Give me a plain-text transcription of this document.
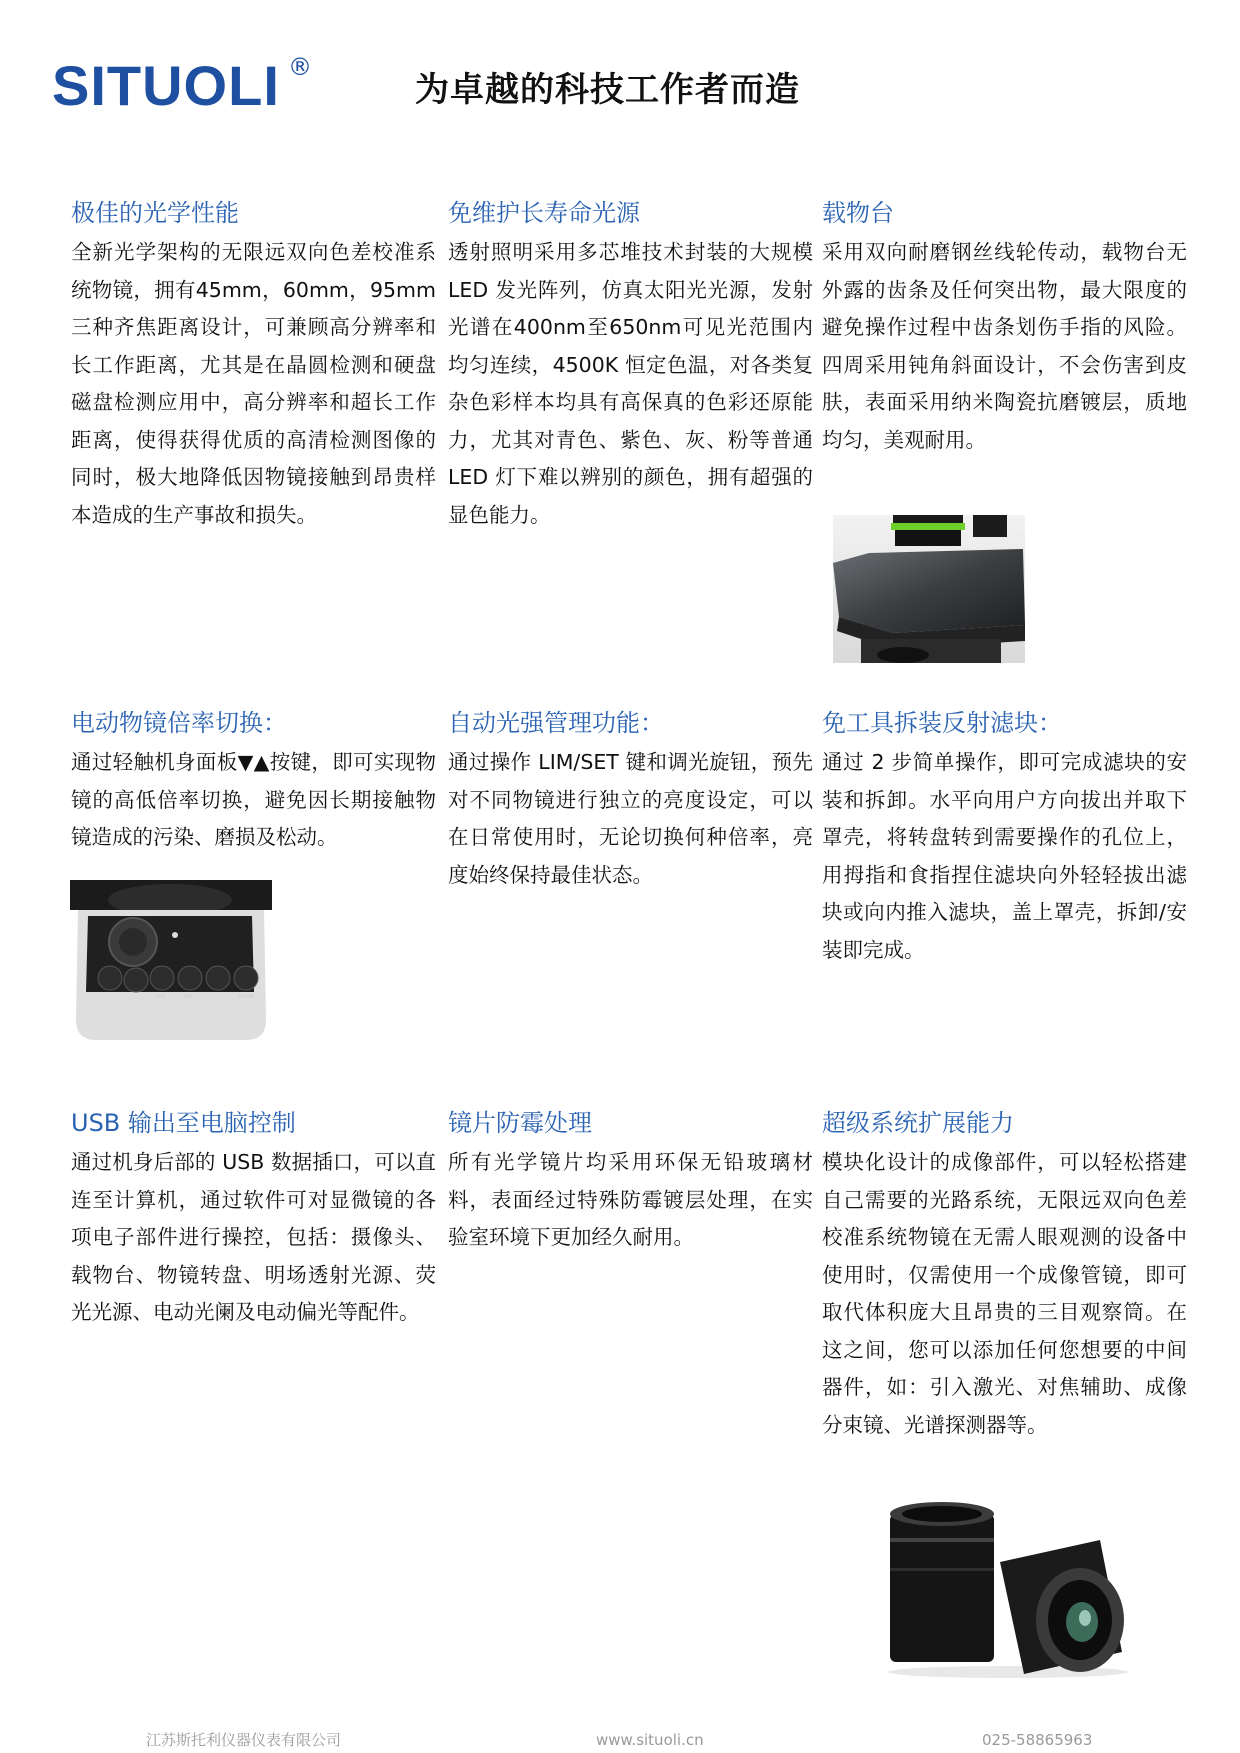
SITUOLI ®
为卓越的科技工作者而造
极佳的光学性能

全新光学架构的无限远双向色差校准系统物镜，拥有45mm，60mm，95mm 三种齐焦距离设计，可兼顾高分辨率和长工作距离，尤其是在晶圆检测和硬盘磁盘检测应用中，高分辨率和超长工作距离，使得获得优质的高清检测图像的同时，极大地降低因物镜接触到昂贵样本造成的生产事故和损失。

免维护长寿命光源

透射照明采用多芯堆技术封装的大规模 LED 发光阵列，仿真太阳光光源，发射光谱在400nm至650nm可见光范围内均匀连续，4500K 恒定色温，对各类复杂色彩样本均具有高保真的色彩还原能力，尤其对青色、紫色、灰、粉等普通 LED 灯下难以辨别的颜色，拥有超强的显色能力。

载物台

采用双向耐磨钢丝线轮传动，载物台无外露的齿条及任何突出物，最大限度的避免操作过程中齿条划伤手指的风险。四周采用钝角斜面设计，不会伤害到皮肤，表面采用纳米陶瓷抗磨镀层，质地均匀，美观耐用。

电动物镜倍率切换：

通过轻触机身面板▼▲按键，即可实现物镜的高低倍率切换，避免因长期接触物镜造成的污染、磨损及松动。

自动光强管理功能：

通过操作 LIM/SET 键和调光旋钮，预先对不同物镜进行独立的亮度设定，可以在日常使用时，无论切换何种倍率，亮度始终保持最佳状态。

免工具拆装反射滤块：

通过 2 步简单操作，即可完成滤块的安装和拆卸。水平向用户方向拔出并取下罩壳，将转盘转到需要操作的孔位上，用拇指和食指捏住滤块向外轻轻拔出滤块或向内推入滤块，盖上罩壳，拆卸/安装即完成。

LIM	SET	DOWN
USB 输出至电脑控制

通过机身后部的 USB 数据插口，可以直连至计算机，通过软件可对显微镜的各项电子部件进行操控，包括：摄像头、载物台、物镜转盘、明场透射光源、荧光光源、电动光阑及电动偏光等配件。

镜片防霉处理

所有光学镜片均采用环保无铅玻璃材料，表面经过特殊防霉镀层处理，在实验室环境下更加经久耐用。

超级系统扩展能力

模块化设计的成像部件，可以轻松搭建自己需要的光路系统，无限远双向色差校准系统物镜在无需人眼观测的设备中使用时，仅需使用一个成像管镜，即可取代体积庞大且昂贵的三目观察筒。在这之间，您可以添加任何您想要的中间器件，如：引入激光、对焦辅助、成像分束镜、光谱探测器等。

江苏斯托利仪器仪表有限公司	www.situoli.cn	025-58865963
